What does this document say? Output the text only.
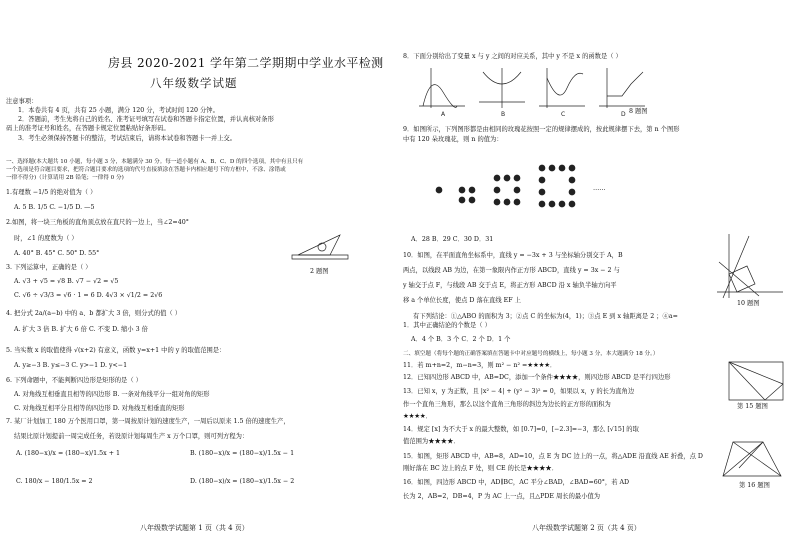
房县 2020-2021 学年第二学期期中学业水平检测
八年级数学试题
注意事项：
1．本卷共有 4 页，共有 25 小题，满分 120 分，考试时间 120 分钟。
2．答题前，考生先将自己的姓名、准考证号填写在试卷和答题卡指定位置，并认真核对条形
码上的准考证号和姓名，在答题卡规定位置粘贴好条形码。
3．考生必须保持答题卡的整洁，考试结束后，请将本试卷和答题卡一并上交。
一、选择题(本大题共 10 小题，每小题 3 分，本题满分 30 分。每一道小题有 A、B、C、D 的四个选项，其中有且只有
一个选项是符合题目要求，把符合题目要求的选项的代号直接填涂在答题卡内相应题号下的方框中，不涂、涂错或
一律不得分)（计算请用 2B 铅笔；一律得 0 分)
1.有理数 −1/5 的绝对值为（ ）
A. 5 B. 1/5 C. −1/5 D. —5
2.如图，将一块三角板的直角顶点放在直尺的一边上，当∠2=40°
时，∠1 的度数为（ ）
A. 40° B. 45° C. 50° D. 55°
3. 下列运算中，正确的是（ ）
A. √3 + √5 = √8 B. √7 − √2 = √5
C. √6 ÷ √3/3 = √6 · 1 = 6 D. 4√3 × √1/2 = 2√6
4. 把分式 2a/(a−b) 中的 a、b 都扩大 3 倍，则分式的值（ ）
A. 扩大 3 倍 B. 扩大 6 倍 C. 不变 D. 缩小 3 倍
5. 当实数 x 的取值使得 √(x+2) 有意义，函数 y=x+1 中的 y 的取值范围是：
A. y≥−3 B. y≤−3 C. y>−1 D. y<−1
6. 下列命题中，不能判断四边形是矩形的是（ ）
A. 对角线互相垂直且相等的四边形 B. 一条对角线平分一组对角的矩形
C. 对角线互相平分且相等的四边形 D. 对角线互相垂直的矩形
7. 某厂计划加工 180 万个医用口罩，第一周按原计划的速度生产，一周后以原来 1.5 倍的速度生产，
结果比原计划提前一周完成任务，若设原计划每周生产 x 万个口罩，则可列方程为：
A. (180−x)/x = (180−x)/1.5x + 1	B. (180−x)/x = (180−x)/1.5x − 1
C. 180/x − 180/1.5x = 2	D. (180−x)/x = (180−x)/1.5x − 2
2 题图
八年级数学试题第 1 页（共 4 页）
8．下面分别给出了变量 x 与 y 之间的对应关系，其中 y 不是 x 的函数是（ ）
A	B	C	D 8 题图
9．如图所示，下列图形都是由相同的玫瑰花按照一定的规律摆成的，按此规律摆下去，第 n 个图形
中有 120 朵玫瑰花，则 n 的值为：
……
A．28 B．29 C．30 D．31
10．如图，在平面直角坐标系中，直线 y = −3x + 3 与坐标轴分别交于 A，B
两点，以线段 AB 为边，在第一象限内作正方形 ABCD，直线 y = 3x − 2 与
y 轴交于点 F，与线段 AB 交于点 E，将正方形 ABCD 沿 x 轴负半轴方向平
移 a 个单位长度，使点 D 落在直线 EF 上
有下列结论：①△ABO 的面积为 3；②点 C 的坐标为(4，1)；③点 E 到 x 轴距离是 2 ；④a=
1．其中正确结论的个数是（ ）
A．4 个 B．3 个 C．2 个 D．1 个
10 题图
二、填空题（将每个题的正确答案填在答题卡中对应题号的横线上，每小题 3 分，本大题满分 18 分。）
11．若 m+n=2，m−n=3，则 m² − n² =★★★★．
12．已知四边形 ABCD 中，AB=DC，添加一个条件★★★★，则四边形 ABCD 是平行四边形
13．已知 x，y 为正数，且 |x² − 4| + (y² − 3)² = 0，如果以 x，y 的长为直角边
作一个直角三角形，那么以这个直角三角形的斜边为边长的正方形的面积为
★★★★．
14．规定 [x] 为不大于 x 的最大整数，如 [0.7]=0，[−2.3]=−3，那么 [√15] 的取
值范围为★★★★．
15．如图，矩形 ABCD 中，AB=8，AD=10，点 E 为 DC 边上的一点，将△ADE 沿直线 AE 折叠，点 D
刚好落在 BC 边上的点 F 处，则 CE 的长是★★★★．
16．如图，四边形 ABCD 中，AD∥BC，AC 平分∠BAD，∠BAD=60°，若 AD
长为 2，AB=2，DB=4，P 为 AC 上一点，且△PDE 周长的最小值为
第 15 题图
第 16 题图
八年级数学试题第 2 页（共 4 页）
